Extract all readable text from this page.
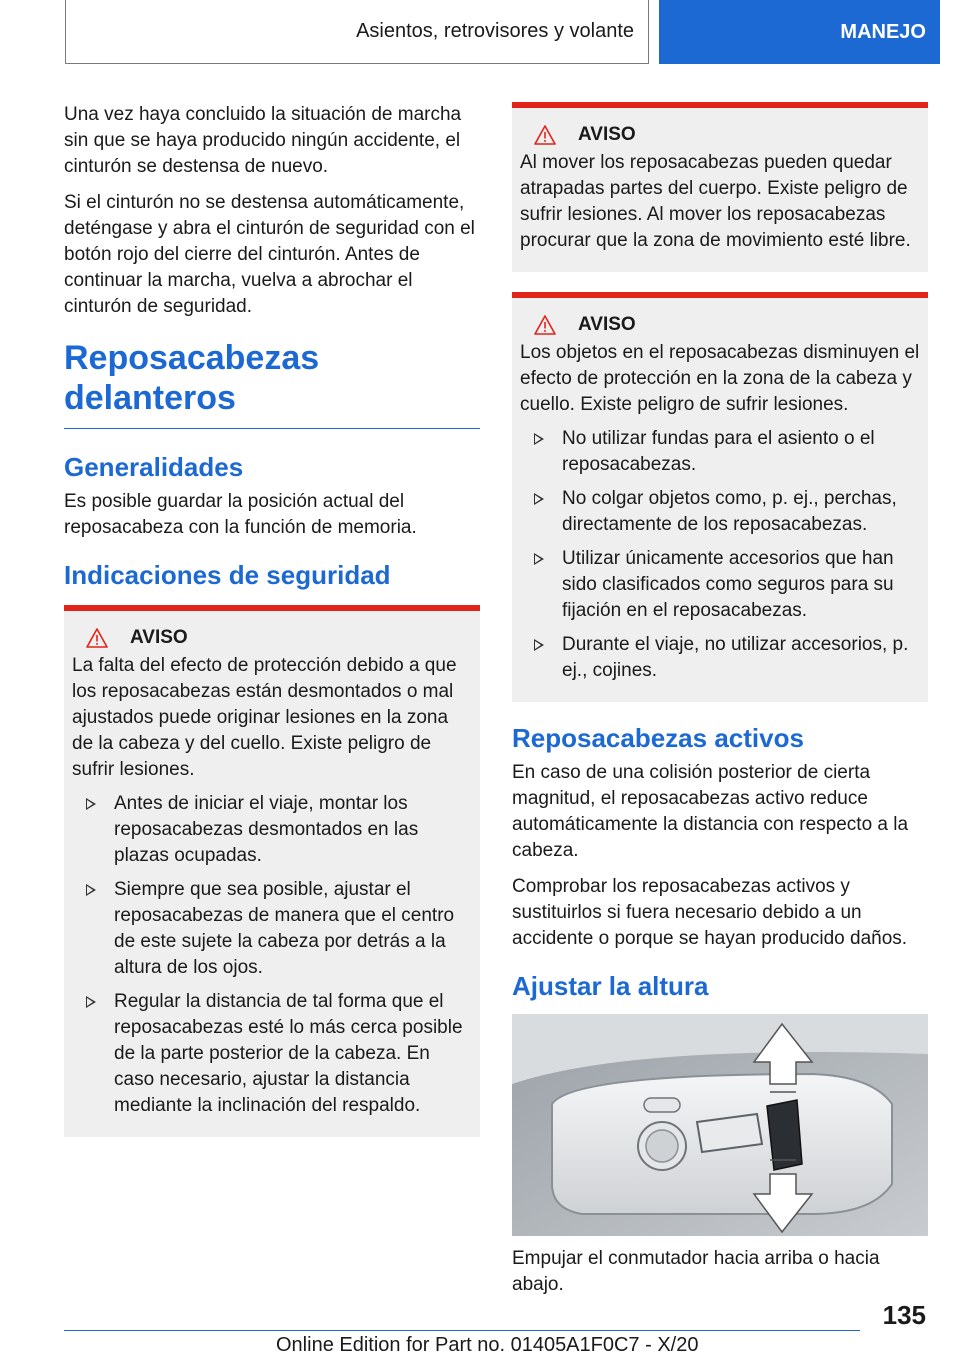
Asientos, retrovisores y volante	MANEJO

Una vez haya concluido la situación de marcha sin que se haya producido ningún accidente, el cinturón se destensa de nuevo.

Si el cinturón no se destensa automáticamente, deténgase y abra el cinturón de seguridad con el botón rojo del cierre del cinturón. Antes de continuar la marcha, vuelva a abrochar el cinturón de seguridad.

Reposacabezas delanteros
Generalidades

Es posible guardar la posición actual del reposacabeza con la función de memoria.

Indicaciones de seguridad
AVISO

La falta del efecto de protección debido a que los reposacabezas están desmontados o mal ajustados puede originar lesiones en la zona de la cabeza y del cuello. Existe peligro de sufrir lesiones.

Antes de iniciar el viaje, montar los reposacabezas desmontados en las plazas ocupadas.
Siempre que sea posible, ajustar el reposacabezas de manera que el centro de este sujete la cabeza por detrás a la altura de los ojos.
Regular la distancia de tal forma que el reposacabezas esté lo más cerca posible de la parte posterior de la cabeza. En caso necesario, ajustar la distancia mediante la inclinación del respaldo.
AVISO

Al mover los reposacabezas pueden quedar atrapadas partes del cuerpo. Existe peligro de sufrir lesiones. Al mover los reposacabezas procurar que la zona de movimiento esté libre.

AVISO

Los objetos en el reposacabezas disminuyen el efecto de protección en la zona de la cabeza y cuello. Existe peligro de sufrir lesiones.

No utilizar fundas para el asiento o el reposacabezas.
No colgar objetos como, p. ej., perchas, directamente de los reposacabezas.
Utilizar únicamente accesorios que han sido clasificados como seguros para su fijación en el reposacabezas.
Durante el viaje, no utilizar accesorios, p. ej., cojines.
Reposacabezas activos

En caso de una colisión posterior de cierta magnitud, el reposacabezas activo reduce automáticamente la distancia con respecto a la cabeza.

Comprobar los reposacabezas activos y sustituirlos si fuera necesario debido a un accidente o porque se hayan producido daños.

Ajustar la altura

Empujar el conmutador hacia arriba o hacia abajo.

135
Online Edition for Part no. 01405A1F0C7 - X/20
